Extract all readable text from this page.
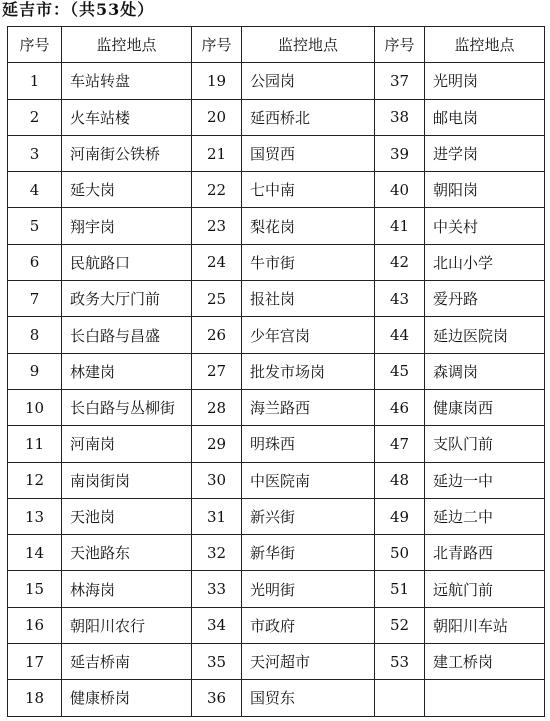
延吉市：（共53处）
序号	监控地点	序号	监控地点	序号	监控地点
1	车站转盘	19	公园岗	37	光明岗
2	火车站楼	20	延西桥北	38	邮电岗
3	河南街公铁桥	21	国贸西	39	进学岗
4	延大岗	22	七中南	40	朝阳岗
5	翔宇岗	23	梨花岗	41	中关村
6	民航路口	24	牛市街	42	北山小学
7	政务大厅门前	25	报社岗	43	爱丹路
8	长白路与昌盛	26	少年宫岗	44	延边医院岗
9	林建岗	27	批发市场岗	45	森调岗
10	长白路与丛柳街	28	海兰路西	46	健康岗西
11	河南岗	29	明珠西	47	支队门前
12	南岗街岗	30	中医院南	48	延边一中
13	天池岗	31	新兴街	49	延边二中
14	天池路东	32	新华街	50	北青路西
15	林海岗	33	光明街	51	远航门前
16	朝阳川农行	34	市政府	52	朝阳川车站
17	延吉桥南	35	天河超市	53	建工桥岗
18	健康桥岗	36	国贸东		
